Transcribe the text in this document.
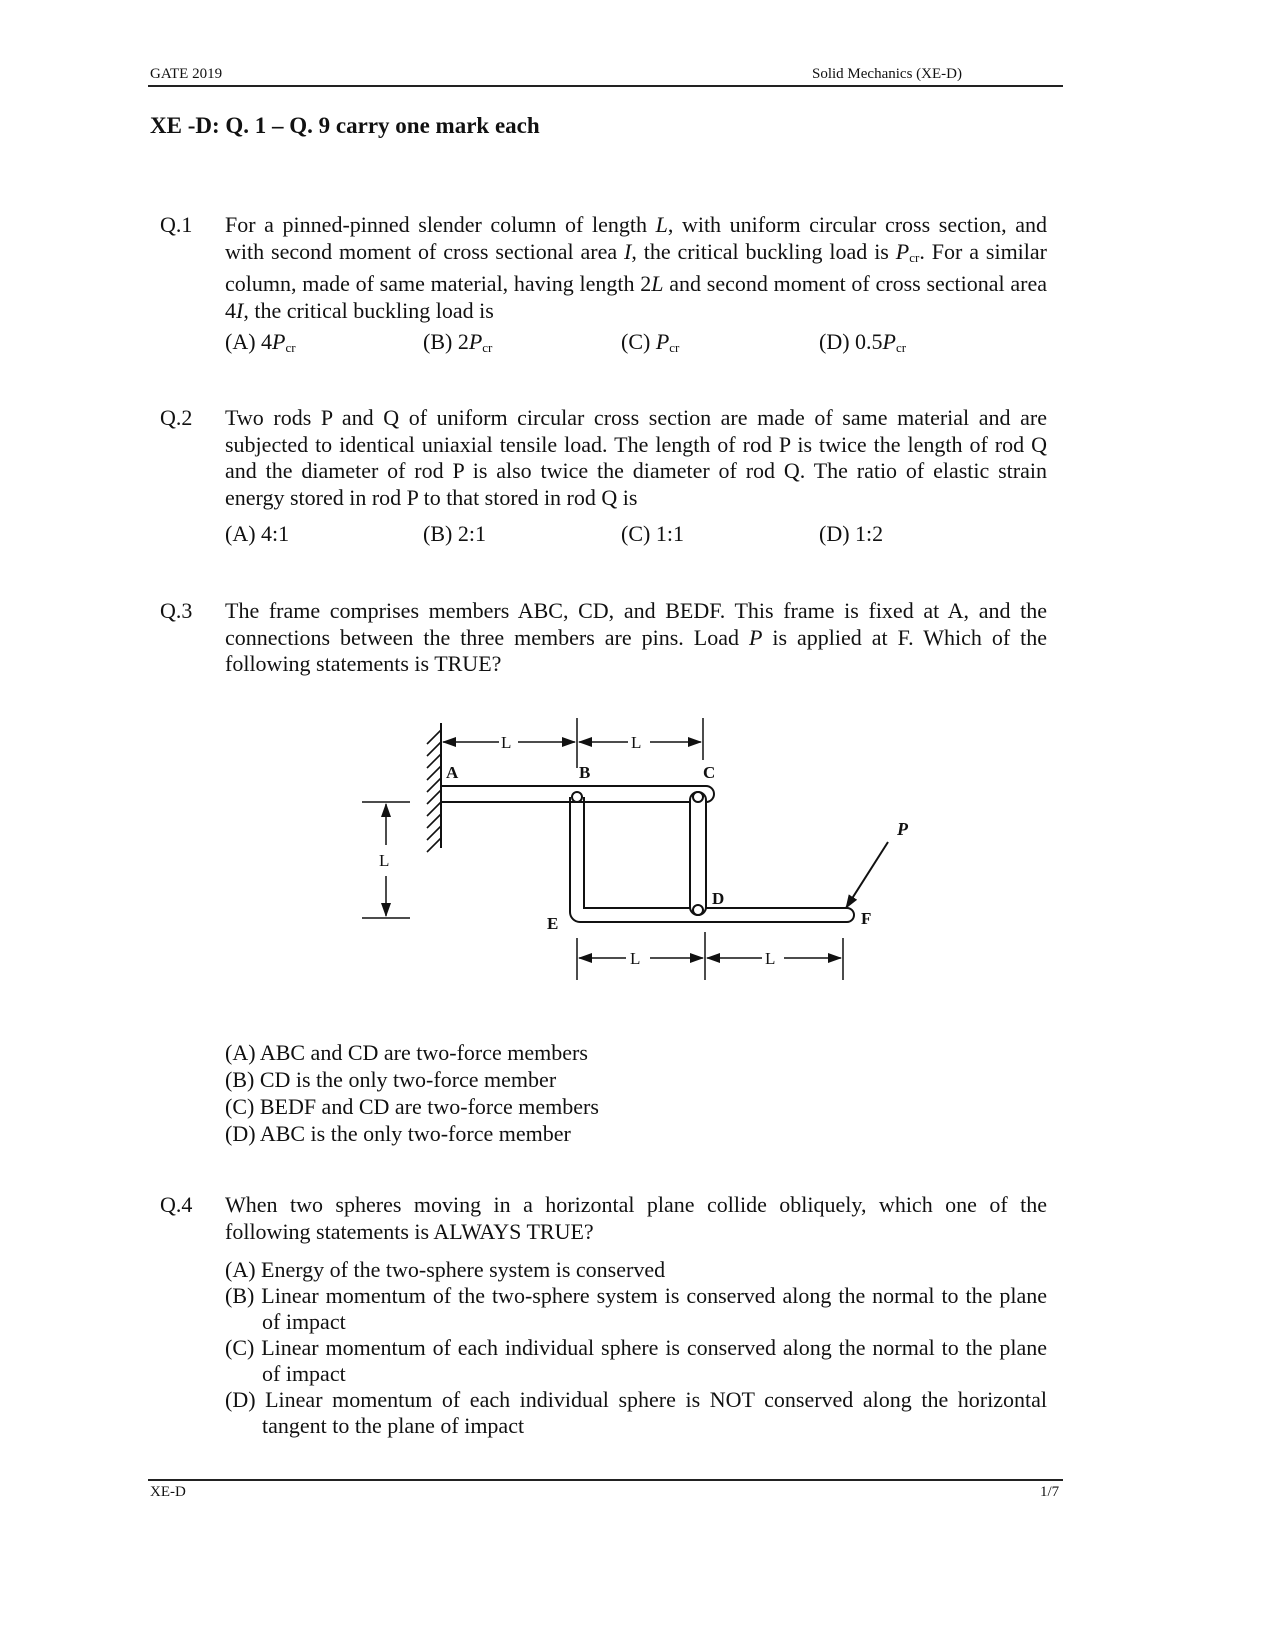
GATE 2019	Solid Mechanics (XE-D)
XE -D: Q. 1 – Q. 9 carry one mark each
Q.1 For a pinned-pinned slender column of length L, with uniform circular cross section, and with second moment of cross sectional area I, the critical buckling load is $P_{cr}$. For a similar column, made of same material, having length 2L and second moment of cross sectional area 4I, the critical buckling load is
(A) $4P_{cr}$	(B) $2P_{cr}$	(C) $P_{cr}$	(D) $0.5P_{cr}$
Q.2 Two rods P and Q of uniform circular cross section are made of same material and are subjected to identical uniaxial tensile load. The length of rod P is twice the length of rod Q and the diameter of rod P is also twice the diameter of rod Q. The ratio of elastic strain energy stored in rod P to that stored in rod Q is
(A) 4:1	(B) 2:1	(C) 1:1	(D) 1:2
Q.3 The frame comprises members ABC, CD, and BEDF. This frame is fixed at A, and the connections between the three members are pins. Load P is applied at F. Which of the following statements is TRUE?
A	B	C
D
E	F
P
L	L
L
L	L
(A) ABC and CD are two-force members
(B) CD is the only two-force member
(C) BEDF and CD are two-force members
(D) ABC is the only two-force member
Q.4 When two spheres moving in a horizontal plane collide obliquely, which one of the following statements is ALWAYS TRUE?
(A) Energy of the two-sphere system is conserved
(B) Linear momentum of the two-sphere system is conserved along the normal to the plane of impact
(C) Linear momentum of each individual sphere is conserved along the normal to the plane of impact
(D) Linear momentum of each individual sphere is NOT conserved along the horizontal tangent to the plane of impact
XE-D	1/7
